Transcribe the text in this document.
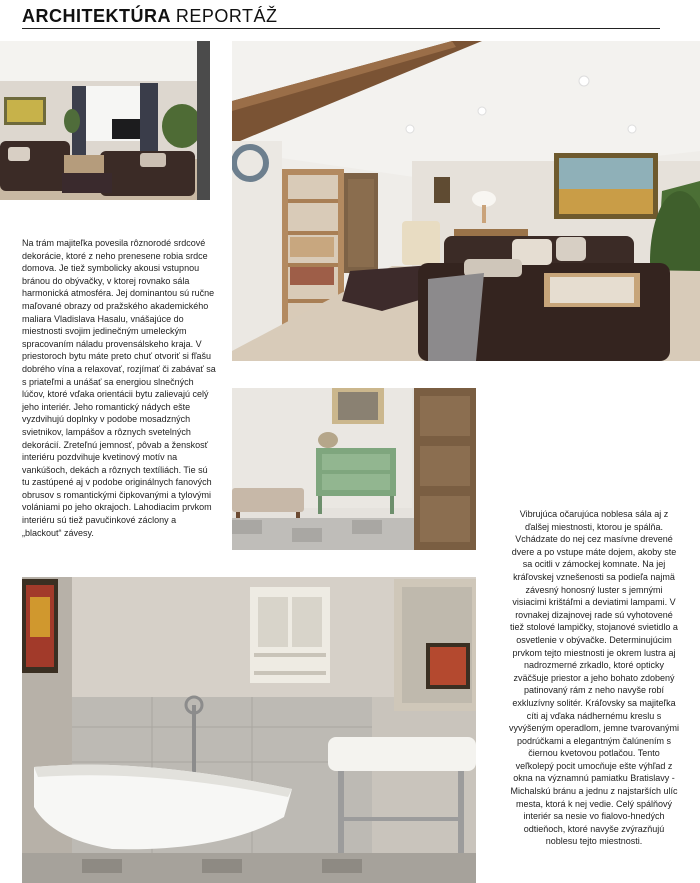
ARCHITEKTÚRA REPORTÁŽ
Na trám majiteľka povesila rôznorodé srdcové dekorácie, ktoré z neho prenesene robia srdce domova. Je tiež symbolicky akousi vstupnou bránou do obývačky, v ktorej rovnako sála harmonická atmosféra. Jej dominantou sú ručne maľované obrazy od pražského akademického maliara Vladislava Hasalu, vnášajúce do miestnosti svojim jedinečným umeleckým spracovaním náladu provensálskeho kraja. V priestoroch bytu máte preto chuť otvoriť si fľašu dobrého vína a relaxovať, rozjímať či zabávať sa s priateľmi a unášať sa energiou slnečných lúčov, ktoré vďaka orientácii bytu zalievajú celý jeho interiér. Jeho romantický nádych ešte vyzdvihujú doplnky v podobe mosadzných svietnikov, lampášov a rôznych svetelných dekorácií. Zreteľnú jemnosť, pôvab a ženskosť interiéru pozdvihuje kvetinový motív na vankúšoch, dekách a rôznych textíliách. Tie sú tu zastúpené aj v podobe originálnych fanových obrusov s romantickými čipkovanými a tylovými volániami po jeho okrajoch. Lahodiacim prvkom interiéru sú tiež pavučinkové záclony a „blackout“ závesy.
Vibrujúca očarujúca noblesa sála aj z ďalšej miestnosti, ktorou je spálňa. Vchádzate do nej cez masívne drevené dvere a po vstupe máte dojem, akoby ste sa ocitli v zámockej komnate. Na jej kráľovskej vznešenosti sa podieľa najmä závesný honosný luster s jemnými visiacimi krištáľmi a deviatimi lampami. V rovnakej dizajnovej rade sú vyhotovené tiež stolové lampičky, stojanové svietidlo a osvetlenie v obývačke. Determinujúcim prvkom tejto miestnosti je okrem lustra aj nadrozmerné zrkadlo, ktoré opticky zväčšuje priestor a jeho bohato zdobený patinovaný rám z neho navyše robí exkluzívny solitér. Kráľovsky sa majiteľka cíti aj vďaka nádhernému kreslu s vyvýšeným operadlom, jemne tvarovanými podrúčkami a elegantným čalúnením s čiernou kvetovou potlačou. Tento veľkolepý pocit umocňuje ešte výhľad z okna na významnú pamiatku Bratislavy - Michalskú bránu a jednu z najstarších ulíc mesta, ktorá k nej vedie. Celý spálňový interiér sa nesie vo fialovo-hnedých odtieňoch, ktoré navyše zvýrazňujú noblesu tejto miestnosti.
